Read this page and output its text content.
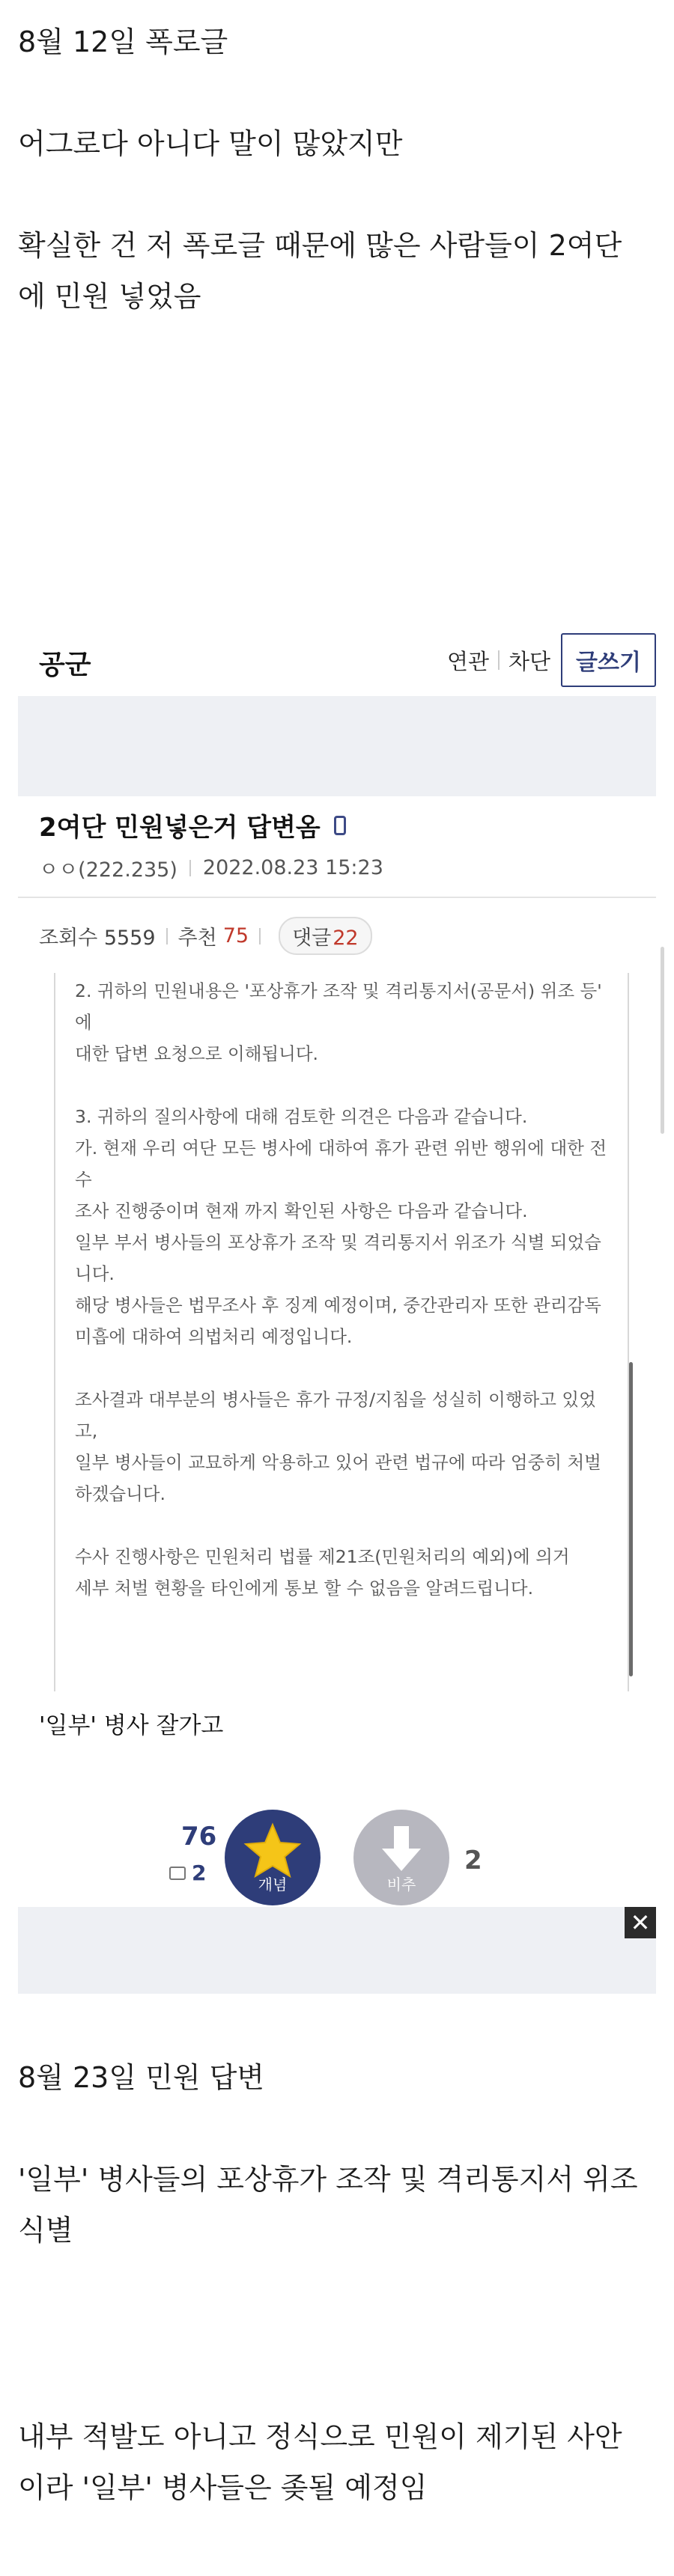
8월 12일 폭로글
어그로다 아니다 말이 많았지만
확실한 건 저 폭로글 때문에 많은 사람들이 2여단
에 민원 넣었음
공군	연관 차단	글쓰기
2여단 민원넣은거 답변옴
ㅇㅇ(222.235) 2022.08.23 15:23
조회수 5559 추천 75	댓글22
2. 귀하의 민원내용은 '포상휴가 조작 및 격리통지서(공문서) 위조 등'
에
대한 답변 요청으로 이해됩니다.
3. 귀하의 질의사항에 대해 검토한 의견은 다음과 같습니다.
가. 현재 우리 여단 모든 병사에 대하여 휴가 관련 위반 행위에 대한 전
수
조사 진행중이며 현재 까지 확인된 사항은 다음과 같습니다.
일부 부서 병사들의 포상휴가 조작 및 격리통지서 위조가 식별 되었습
니다.
해당 병사들은 법무조사 후 징계 예정이며, 중간관리자 또한 관리감독
미흡에 대하여 의법처리 예정입니다.
조사결과 대부분의 병사들은 휴가 규정/지침을 성실히 이행하고 있었
고,
일부 병사들이 교묘하게 악용하고 있어 관련 법규에 따라 엄중히 처벌
하겠습니다.
수사 진행사항은 민원처리 법률 제21조(민원처리의 예외)에 의거
세부 처벌 현황을 타인에게 통보 할 수 없음을 알려드립니다.
'일부' 병사 잘가고
76
2	개념	비추
2
✕
8월 23일 민원 답변
'일부' 병사들의 포상휴가 조작 및 격리통지서 위조
식별
내부 적발도 아니고 정식으로 민원이 제기된 사안
이라 '일부' 병사들은 좆될 예정임
